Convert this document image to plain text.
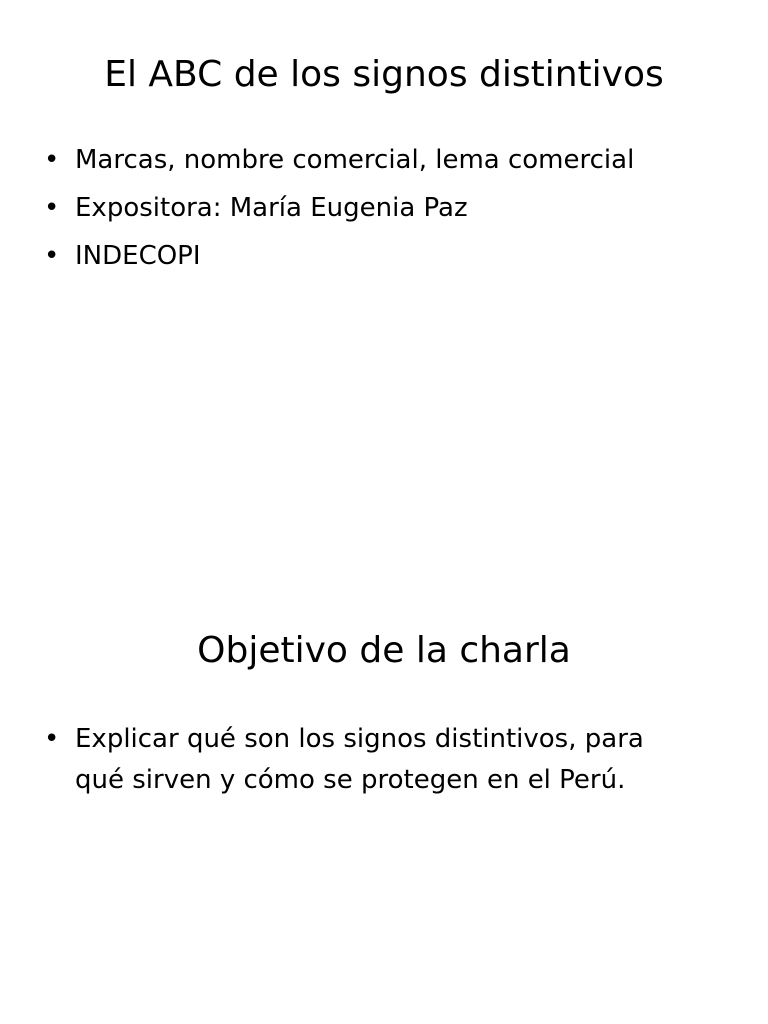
El ABC de los signos distintivos
• Marcas, nombre comercial, lema comercial
• Expositora: María Eugenia Paz
• INDECOPI
Objetivo de la charla
• Explicar qué son los signos distintivos, para qué sirven y cómo se protegen en el Perú.
